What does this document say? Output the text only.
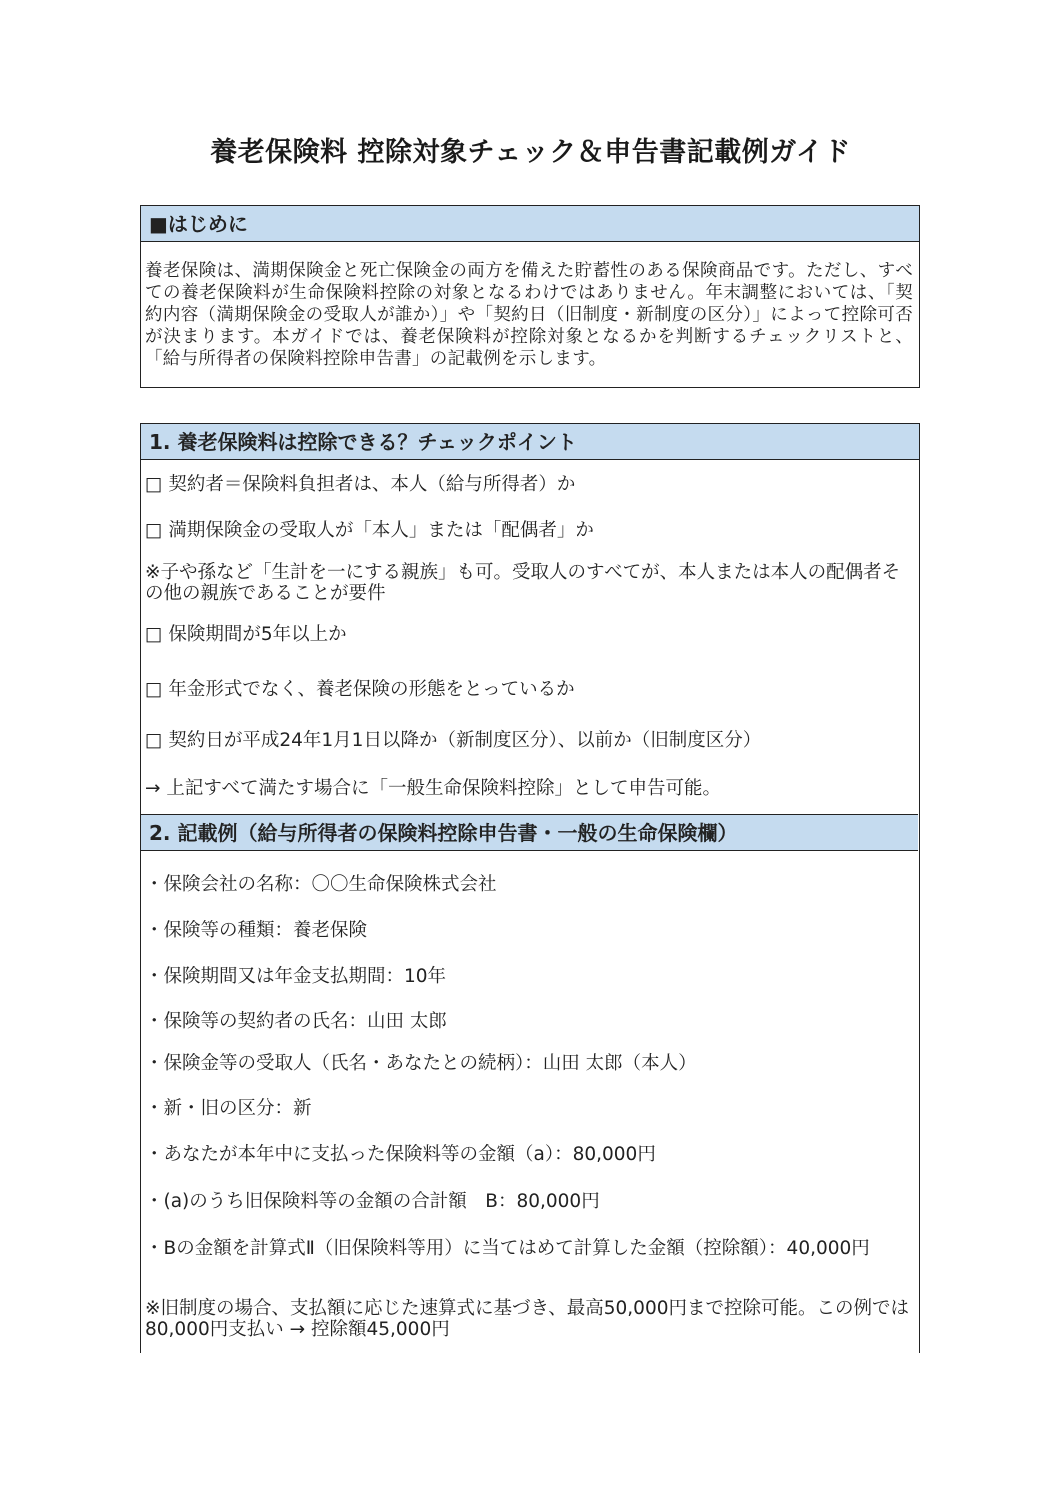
養老保険料 控除対象チェック＆申告書記載例ガイド
■はじめに
養老保険は、満期保険金と死亡保険金の両方を備えた貯蓄性のある保険商品です。ただし、すべての養老保険料が生命保険料控除の対象となるわけではありません。年末調整においては、「契約内容（満期保険金の受取人が誰か）」や「契約日（旧制度・新制度の区分）」によって控除可否が決まります。本ガイドでは、養老保険料が控除対象となるかを判断するチェックリストと、「給与所得者の保険料控除申告書」の記載例を示します。
1. 養老保険料は控除できる？チェックポイント
□ 契約者＝保険料負担者は、本人（給与所得者）か
□ 満期保険金の受取人が「本人」または「配偶者」か
※子や孫など「生計を一にする親族」も可。受取人のすべてが、本人または本人の配偶者その他の親族であることが要件
□ 保険期間が5年以上か
□ 年金形式でなく、養老保険の形態をとっているか
□ 契約日が平成24年1月1日以降か（新制度区分）、以前か（旧制度区分）
→ 上記すべて満たす場合に「一般生命保険料控除」として申告可能。
2. 記載例（給与所得者の保険料控除申告書・一般の生命保険欄）
・保険会社の名称：〇〇生命保険株式会社
・保険等の種類：養老保険
・保険期間又は年金支払期間：10年
・保険等の契約者の氏名：山田 太郎
・保険金等の受取人（氏名・あなたとの続柄）：山田 太郎（本人）
・新・旧の区分：新
・あなたが本年中に支払った保険料等の金額（a）：80,000円
・(a)のうち旧保険料等の金額の合計額　B：80,000円
・Bの金額を計算式Ⅱ（旧保険料等用）に当てはめて計算した金額（控除額）：40,000円
※旧制度の場合、支払額に応じた速算式に基づき、最高50,000円まで控除可能。この例では80,000円支払い → 控除額45,000円
